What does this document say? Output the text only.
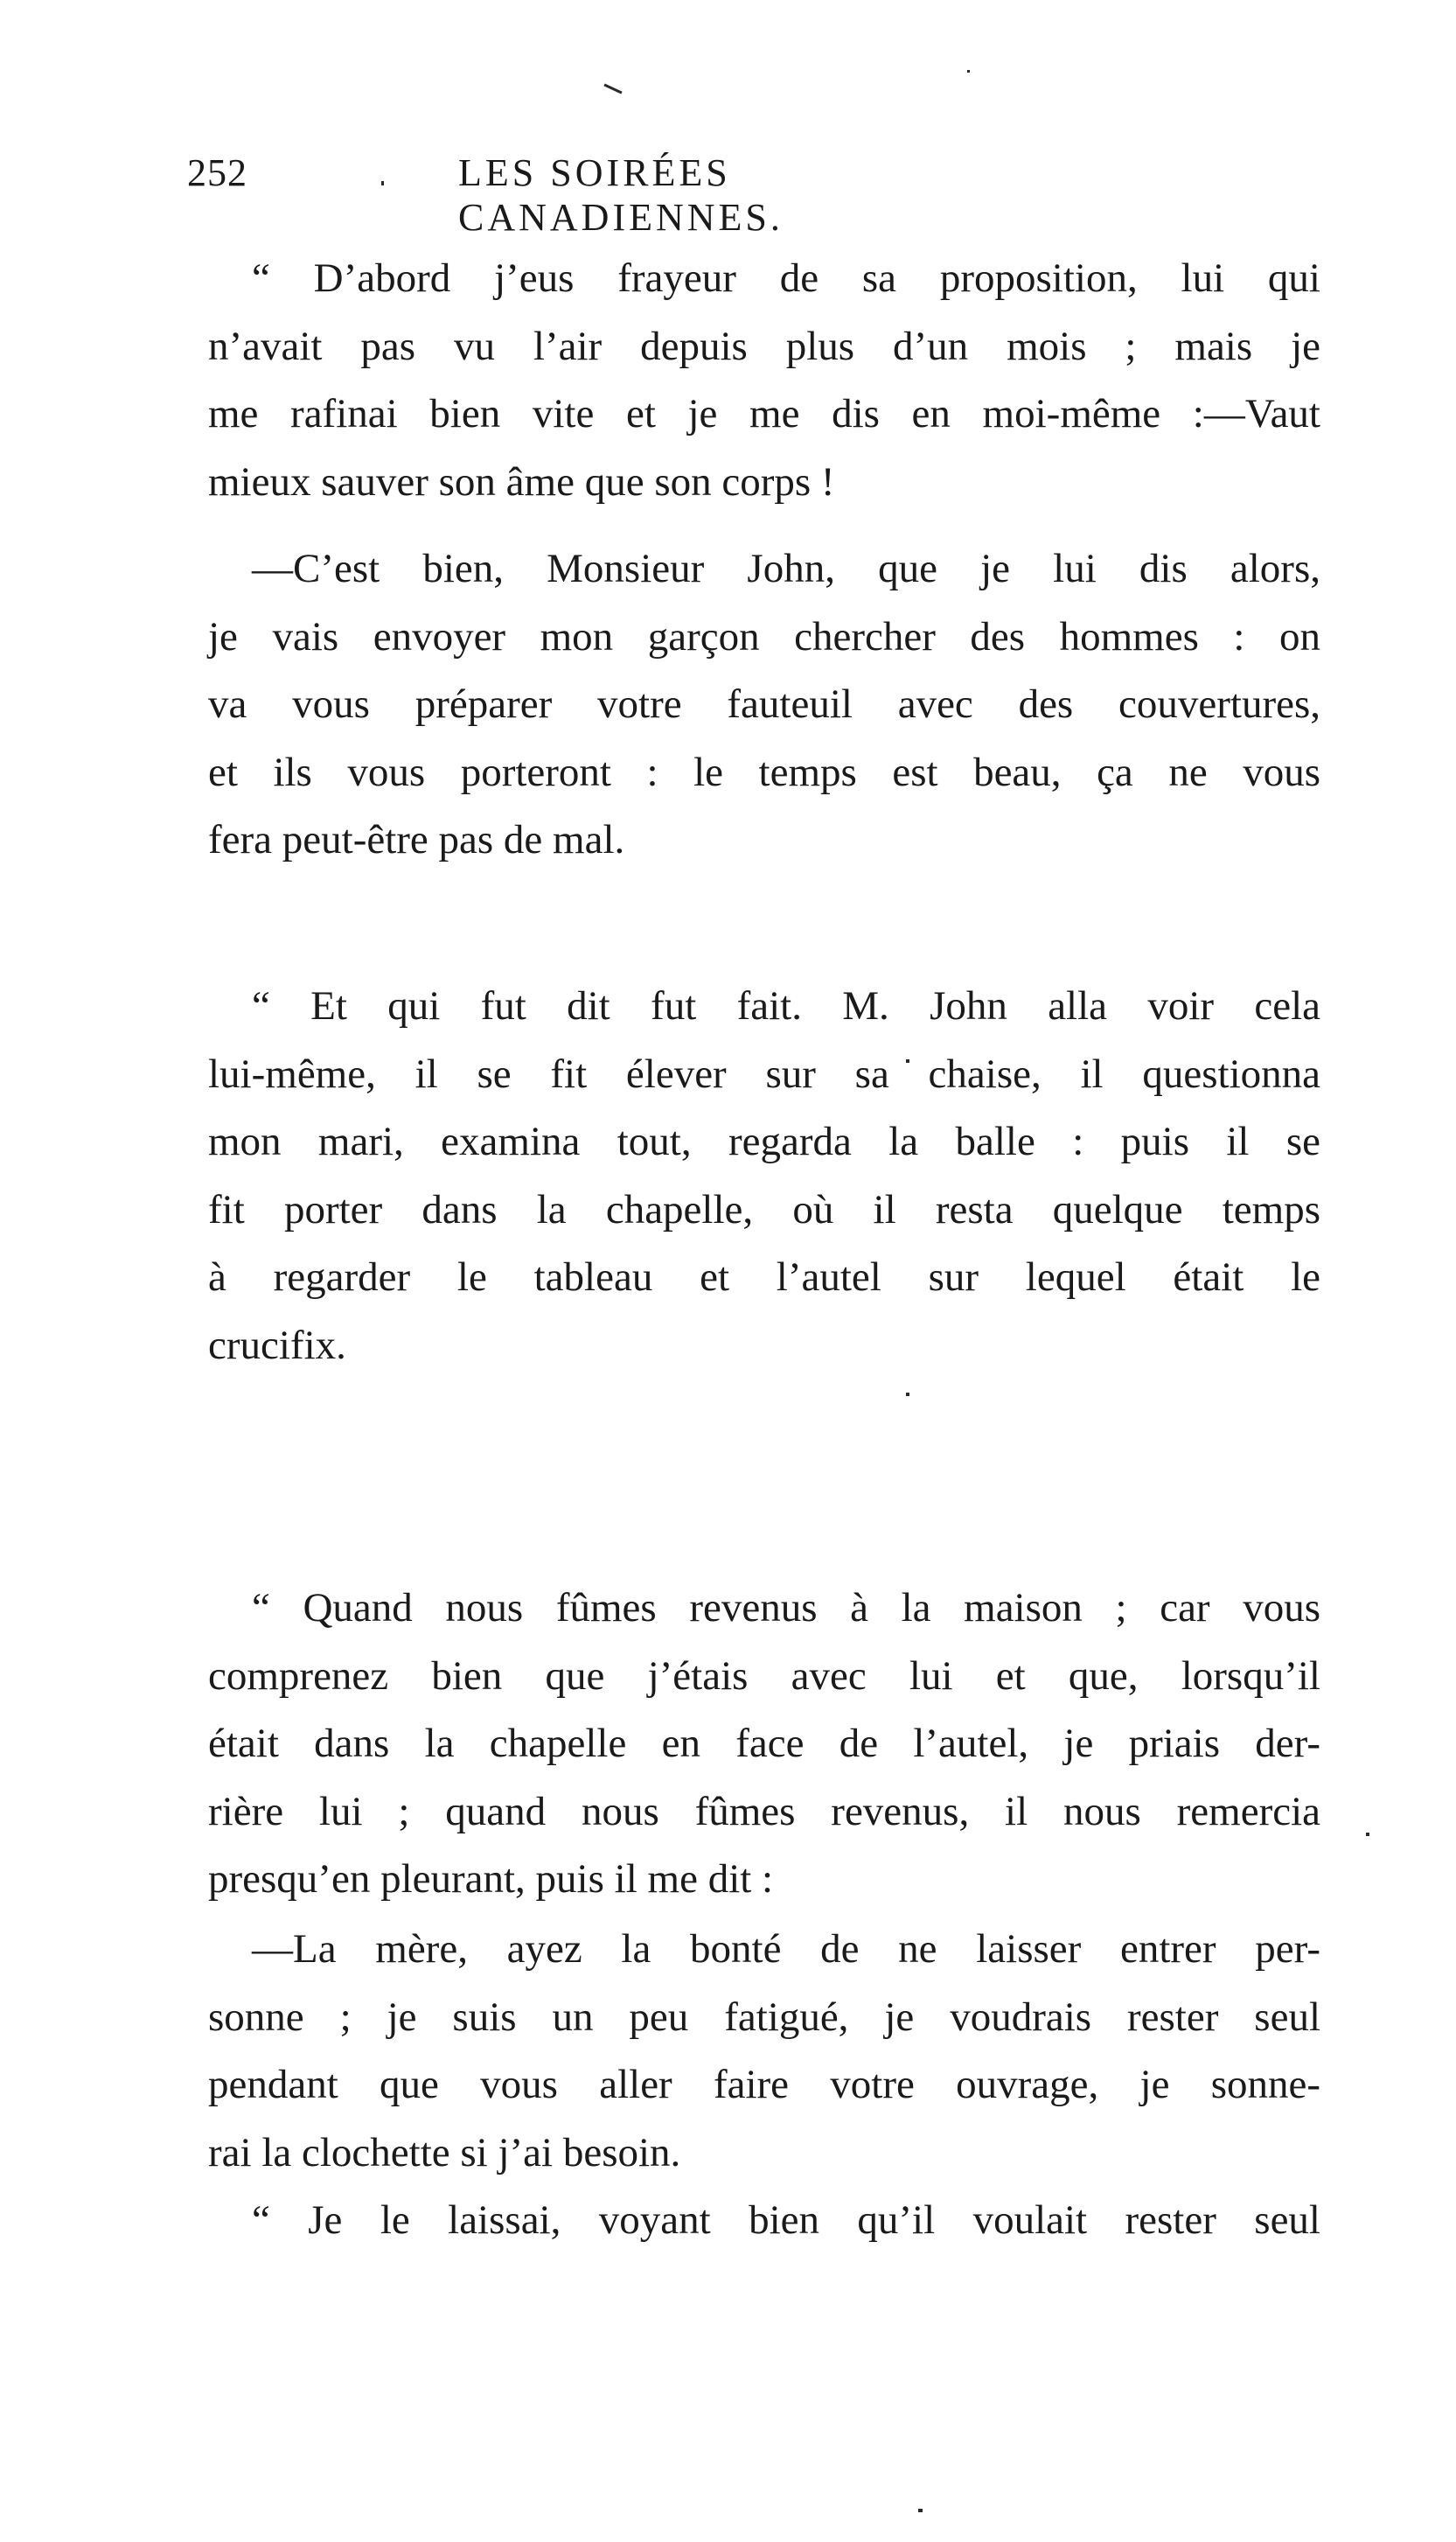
252	LES SOIRÉES CANADIENNES.

“ D’abord j’eus frayeur de sa proposition, lui qui
n’avait pas vu l’air depuis plus d’un mois ; mais je
me rafinai bien vite et je me dis en moi-même :—Vaut
mieux sauver son âme que son corps !

—C’est bien, Monsieur John, que je lui dis alors,
je vais envoyer mon garçon chercher des hommes : on
va vous préparer votre fauteuil avec des couvertures,
et ils vous porteront : le temps est beau, ça ne vous
fera peut-être pas de mal.

“ Et qui fut dit fut fait. M. John alla voir cela
lui-même, il se fit élever sur sa chaise, il questionna
mon mari, examina tout, regarda la balle : puis il se
fit porter dans la chapelle, où il resta quelque temps
à regarder le tableau et l’autel sur lequel était le
crucifix.

“ Quand nous fûmes revenus à la maison ; car vous
comprenez bien que j’étais avec lui et que, lorsqu’il
était dans la chapelle en face de l’autel, je priais der-
rière lui ; quand nous fûmes revenus, il nous remercia
presqu’en pleurant, puis il me dit :

—La mère, ayez la bonté de ne laisser entrer per-
sonne ; je suis un peu fatigué, je voudrais rester seul
pendant que vous aller faire votre ouvrage, je sonne-
rai la clochette si j’ai besoin.

“ Je le laissai, voyant bien qu’il voulait rester seul
